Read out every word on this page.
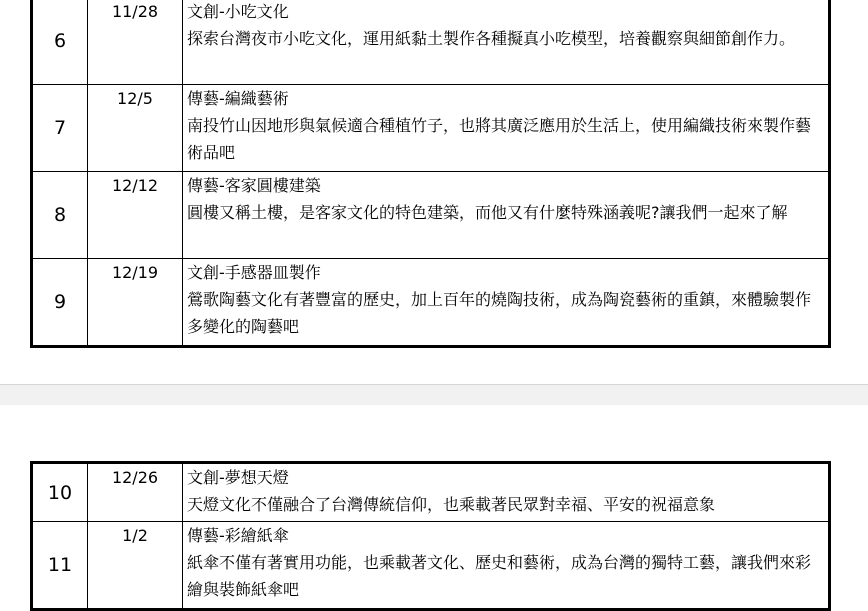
6	11/28	文創-小吃文化
探索台灣夜市小吃文化，運用紙黏土製作各種擬真小吃模型，培養觀察與細節創作力。

7	12/5	傳藝-編織藝術
南投竹山因地形與氣候適合種植竹子，也將其廣泛應用於生活上，使用編織技術來製作藝術品吧

8	12/12	傳藝-客家圓樓建築
圓樓又稱土樓，是客家文化的特色建築，而他又有什麼特殊涵義呢?讓我們一起來了解

9	12/19	文創-手感器皿製作
鶯歌陶藝文化有著豐富的歷史，加上百年的燒陶技術，成為陶瓷藝術的重鎮，來體驗製作多變化的陶藝吧
10	12/26	文創-夢想天燈
天燈文化不僅融合了台灣傳統信仰，也乘載著民眾對幸福、平安的祝福意象

11	1/2	傳藝-彩繪紙傘
紙傘不僅有著實用功能，也乘載著文化、歷史和藝術，成為台灣的獨特工藝，讓我們來彩繪與裝飾紙傘吧
